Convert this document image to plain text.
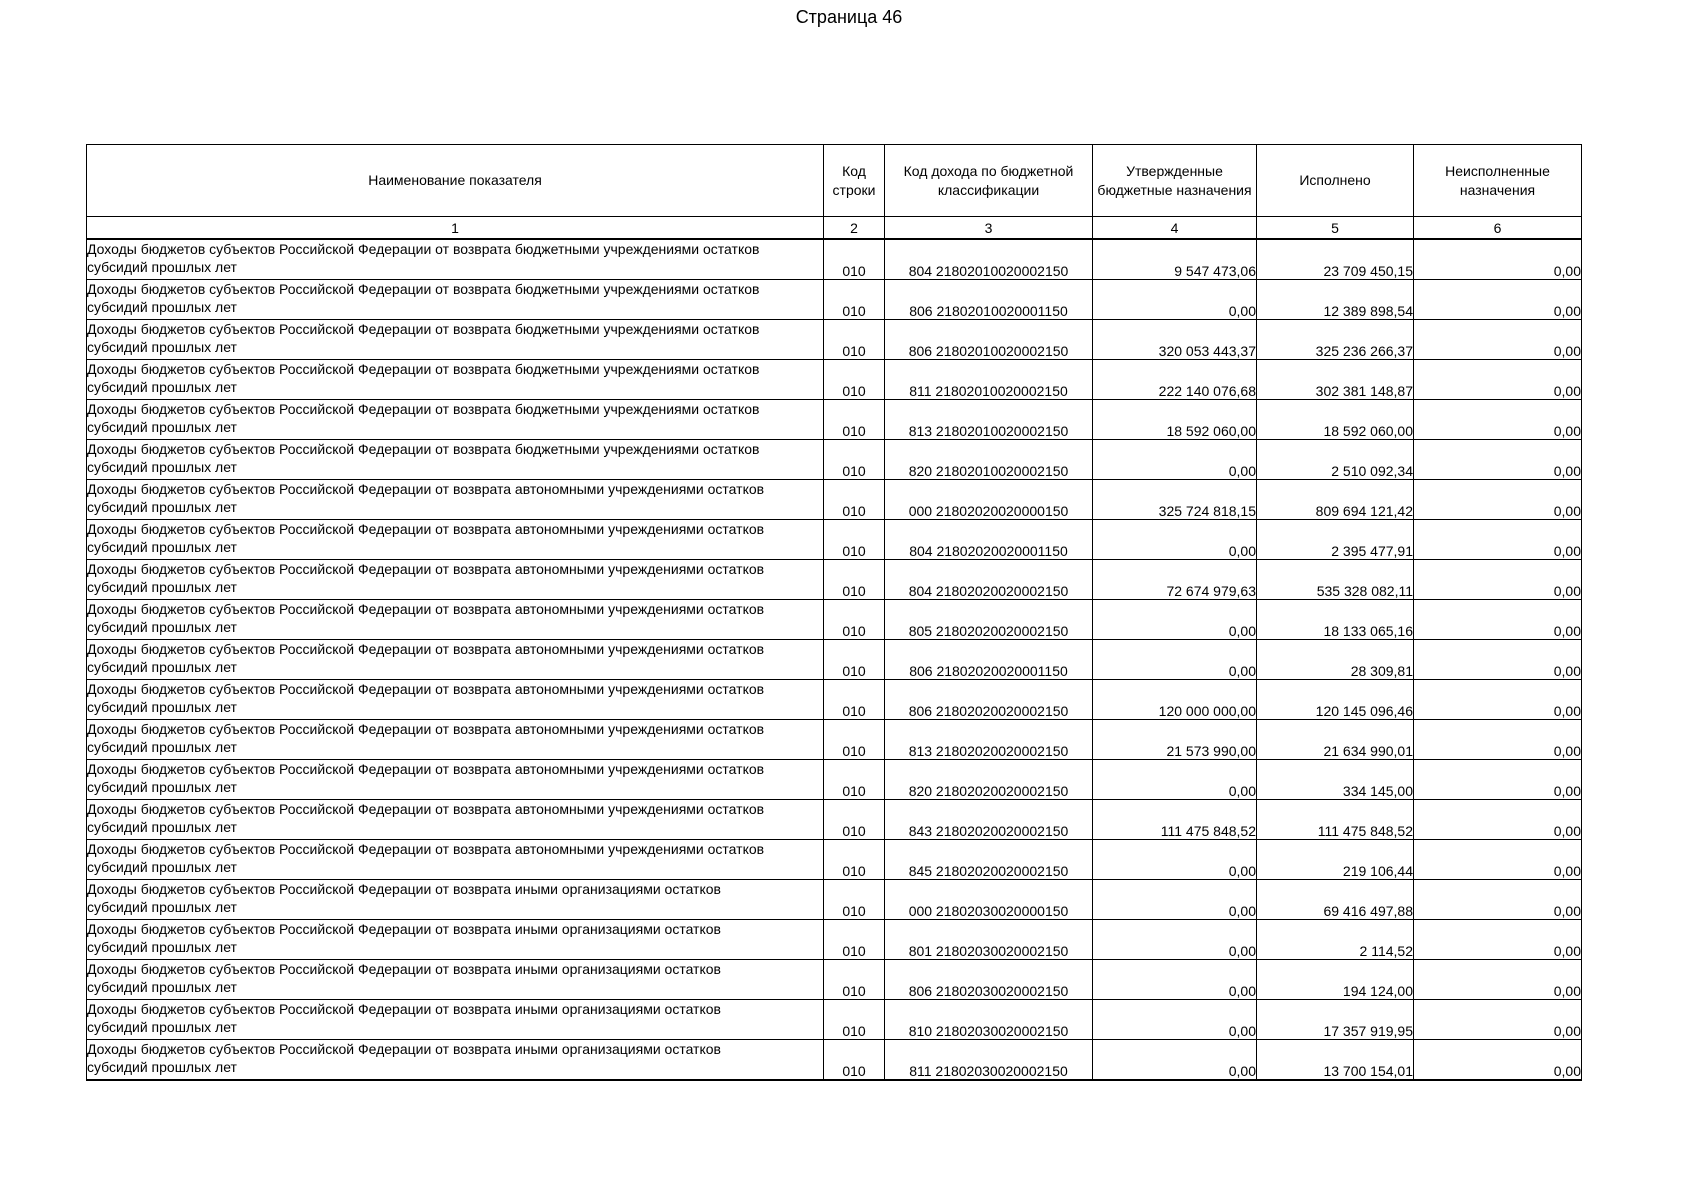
Страница 46
Наименование показателя	Код строки	Код дохода по бюджетной классификации	Утвержденные бюджетные назначения	Исполнено	Неисполненные назначения
1	2	3	4	5	6
Доходы бюджетов субъектов Российской Федерации от возврата бюджетными учреждениями остатков
субсидий прошлых лет	010	804 21802010020002150	9 547 473,06	23 709 450,15	0,00
Доходы бюджетов субъектов Российской Федерации от возврата бюджетными учреждениями остатков
субсидий прошлых лет	010	806 21802010020001150	0,00	12 389 898,54	0,00
Доходы бюджетов субъектов Российской Федерации от возврата бюджетными учреждениями остатков
субсидий прошлых лет	010	806 21802010020002150	320 053 443,37	325 236 266,37	0,00
Доходы бюджетов субъектов Российской Федерации от возврата бюджетными учреждениями остатков
субсидий прошлых лет	010	811 21802010020002150	222 140 076,68	302 381 148,87	0,00
Доходы бюджетов субъектов Российской Федерации от возврата бюджетными учреждениями остатков
субсидий прошлых лет	010	813 21802010020002150	18 592 060,00	18 592 060,00	0,00
Доходы бюджетов субъектов Российской Федерации от возврата бюджетными учреждениями остатков
субсидий прошлых лет	010	820 21802010020002150	0,00	2 510 092,34	0,00
Доходы бюджетов субъектов Российской Федерации от возврата автономными учреждениями остатков
субсидий прошлых лет	010	000 21802020020000150	325 724 818,15	809 694 121,42	0,00
Доходы бюджетов субъектов Российской Федерации от возврата автономными учреждениями остатков
субсидий прошлых лет	010	804 21802020020001150	0,00	2 395 477,91	0,00
Доходы бюджетов субъектов Российской Федерации от возврата автономными учреждениями остатков
субсидий прошлых лет	010	804 21802020020002150	72 674 979,63	535 328 082,11	0,00
Доходы бюджетов субъектов Российской Федерации от возврата автономными учреждениями остатков
субсидий прошлых лет	010	805 21802020020002150	0,00	18 133 065,16	0,00
Доходы бюджетов субъектов Российской Федерации от возврата автономными учреждениями остатков
субсидий прошлых лет	010	806 21802020020001150	0,00	28 309,81	0,00
Доходы бюджетов субъектов Российской Федерации от возврата автономными учреждениями остатков
субсидий прошлых лет	010	806 21802020020002150	120 000 000,00	120 145 096,46	0,00
Доходы бюджетов субъектов Российской Федерации от возврата автономными учреждениями остатков
субсидий прошлых лет	010	813 21802020020002150	21 573 990,00	21 634 990,01	0,00
Доходы бюджетов субъектов Российской Федерации от возврата автономными учреждениями остатков
субсидий прошлых лет	010	820 21802020020002150	0,00	334 145,00	0,00
Доходы бюджетов субъектов Российской Федерации от возврата автономными учреждениями остатков
субсидий прошлых лет	010	843 21802020020002150	111 475 848,52	111 475 848,52	0,00
Доходы бюджетов субъектов Российской Федерации от возврата автономными учреждениями остатков
субсидий прошлых лет	010	845 21802020020002150	0,00	219 106,44	0,00
Доходы бюджетов субъектов Российской Федерации от возврата иными организациями остатков
субсидий прошлых лет	010	000 21802030020000150	0,00	69 416 497,88	0,00
Доходы бюджетов субъектов Российской Федерации от возврата иными организациями остатков
субсидий прошлых лет	010	801 21802030020002150	0,00	2 114,52	0,00
Доходы бюджетов субъектов Российской Федерации от возврата иными организациями остатков
субсидий прошлых лет	010	806 21802030020002150	0,00	194 124,00	0,00
Доходы бюджетов субъектов Российской Федерации от возврата иными организациями остатков
субсидий прошлых лет	010	810 21802030020002150	0,00	17 357 919,95	0,00
Доходы бюджетов субъектов Российской Федерации от возврата иными организациями остатков
субсидий прошлых лет	010	811 21802030020002150	0,00	13 700 154,01	0,00
